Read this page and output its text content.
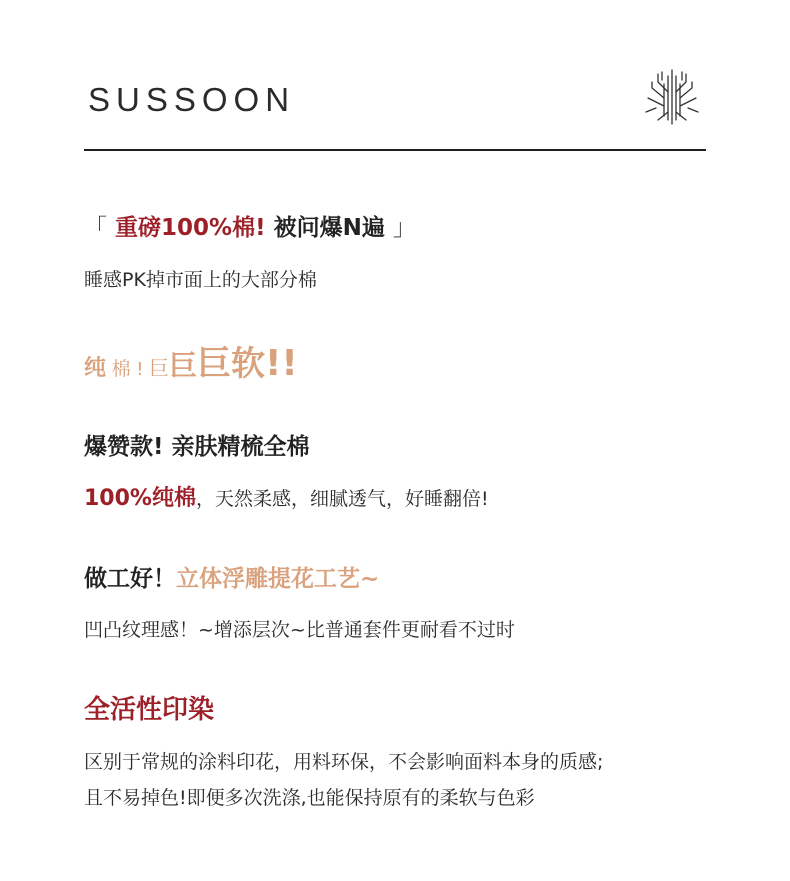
SUSSOON
「 重磅100%棉! 被问爆N遍 」
睡感PK掉市面上的大部分棉
纯 棉 ! 巨巨巨软!!
爆赞款! 亲肤精梳全棉
100%纯棉，天然柔感，细腻透气，好睡翻倍!
做工好！立体浮雕提花工艺~
凹凸纹理感！~增添层次~比普通套件更耐看不过时
全活性印染
区别于常规的涂料印花，用料环保，不会影响面料本身的质感;
且不易掉色!即便多次洗涤,也能保持原有的柔软与色彩
